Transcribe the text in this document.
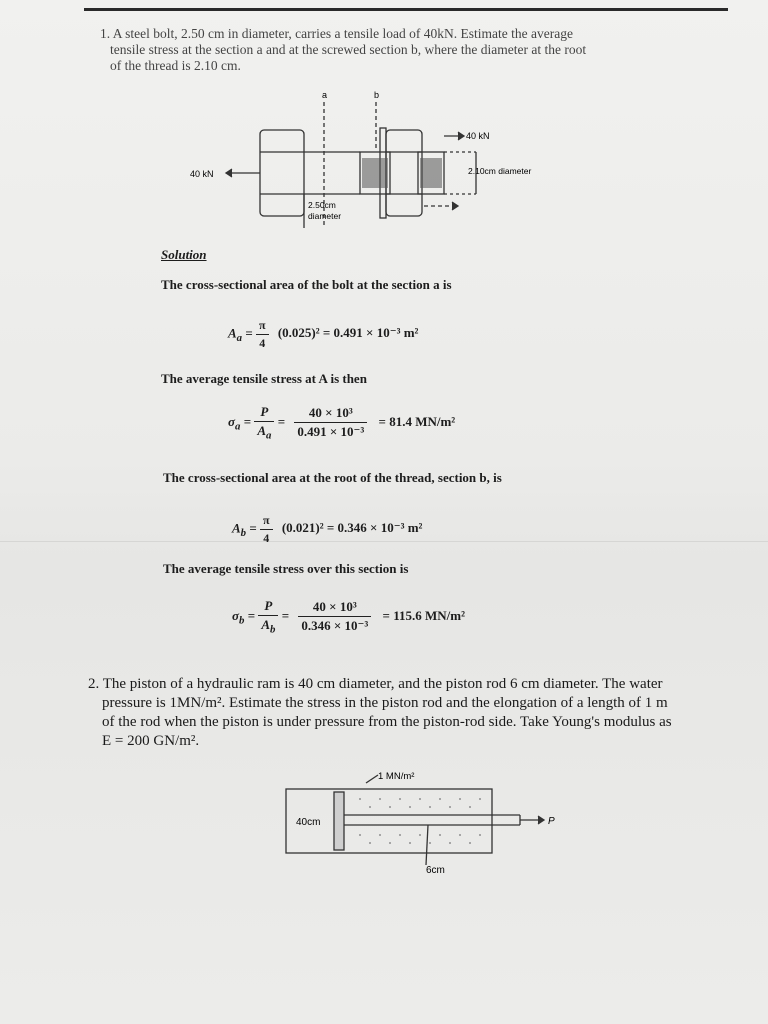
1. A steel bolt, 2.50 cm in diameter, carries a tensile load of 40kN. Estimate the average
tensile stress at the section a and at the screwed section b, where the diameter at the root
of the thread is 2.10 cm.
a	b
40 kN
40 kN
2.10cm diameter
2.50cm
diameter
Solution
The cross-sectional area of the bolt at the section a is
$A_a = \frac{\pi}{4} (0.025)^2 = 0.491 \times 10^{-3}$ m²
The average tensile stress at A is then
$\sigma_a = \frac{P}{A_a} = \frac{\text{40 × 10³}}{\text{0.491 × 10⁻³}} = 81.4$ MN/m²
The cross-sectional area at the root of the thread, section b, is
$A_b = \frac{\pi}{4} (0.021)^2 = 0.346 \times 10^{-3}$ m²
The average tensile stress over this section is
$\sigma_b = \frac{P}{A_b} = \frac{\text{40 × 10³}}{\text{0.346 × 10⁻³}} = 115.6$ MN/m²
2. The piston of a hydraulic ram is 40 cm diameter, and the piston rod 6 cm diameter. The water
pressure is 1MN/m². Estimate the stress in the piston rod and the elongation of a length of 1 m
of the rod when the piston is under pressure from the piston-rod side. Take Young's modulus as
E = 200 GN/m².
1 MN/m²
40cm
6cm
P
